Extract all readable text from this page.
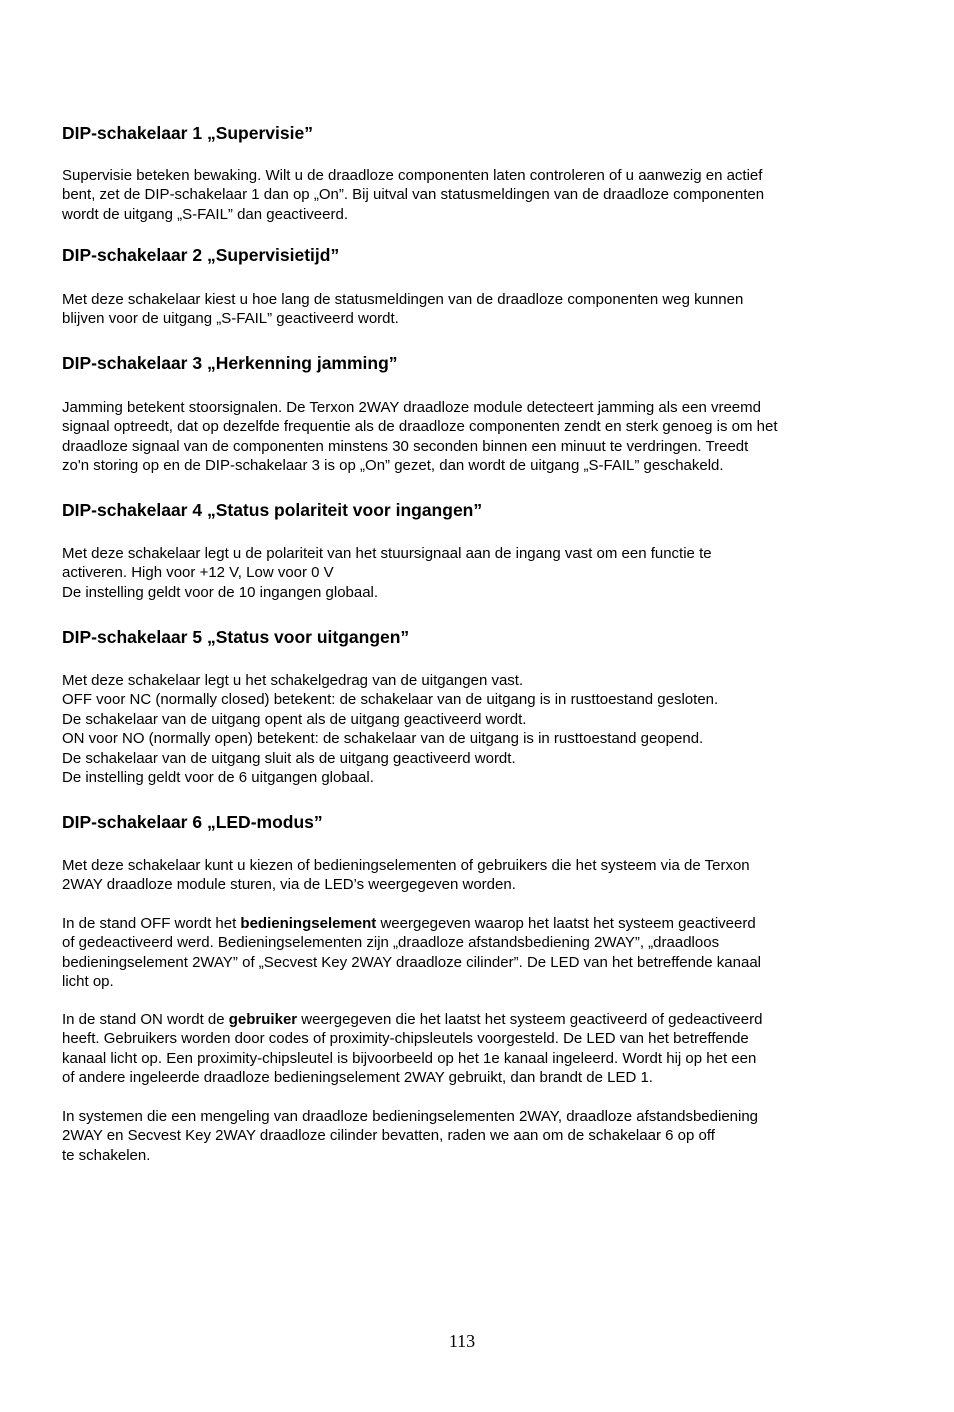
DIP-schakelaar 1 „Supervisie”

Supervisie beteken bewaking. Wilt u de draadloze componenten laten controleren of u aanwezig en actief
bent, zet de DIP-schakelaar 1 dan op „On”. Bij uitval van statusmeldingen van de draadloze componenten
wordt de uitgang „S-FAIL” dan geactiveerd.

DIP-schakelaar 2 „Supervisietijd”

Met deze schakelaar kiest u hoe lang de statusmeldingen van de draadloze componenten weg kunnen
blijven voor de uitgang „S-FAIL” geactiveerd wordt.

DIP-schakelaar 3 „Herkenning jamming”

Jamming betekent stoorsignalen. De Terxon 2WAY draadloze module detecteert jamming als een vreemd
signaal optreedt, dat op dezelfde frequentie als de draadloze componenten zendt en sterk genoeg is om het
draadloze signaal van de componenten minstens 30 seconden binnen een minuut te verdringen. Treedt
zo'n storing op en de DIP-schakelaar 3 is op „On” gezet, dan wordt de uitgang „S-FAIL” geschakeld.

DIP-schakelaar 4 „Status polariteit voor ingangen”

Met deze schakelaar legt u de polariteit van het stuursignaal aan de ingang vast om een functie te
activeren. High voor +12 V, Low voor 0 V
De instelling geldt voor de 10 ingangen globaal.

DIP-schakelaar 5 „Status voor uitgangen”

Met deze schakelaar legt u het schakelgedrag van de uitgangen vast.
OFF voor NC (normally closed) betekent: de schakelaar van de uitgang is in rusttoestand gesloten.
De schakelaar van de uitgang opent als de uitgang geactiveerd wordt.
ON voor NO (normally open) betekent: de schakelaar van de uitgang is in rusttoestand geopend.
De schakelaar van de uitgang sluit als de uitgang geactiveerd wordt.
De instelling geldt voor de 6 uitgangen globaal.

DIP-schakelaar 6 „LED-modus”

Met deze schakelaar kunt u kiezen of bedieningselementen of gebruikers die het systeem via de Terxon
2WAY draadloze module sturen, via de LED’s weergegeven worden.

In de stand OFF wordt het bedieningselement weergegeven waarop het laatst het systeem geactiveerd
of gedeactiveerd werd. Bedieningselementen zijn „draadloze afstandsbediening 2WAY”, „draadloos
bedieningselement 2WAY” of „Secvest Key 2WAY draadloze cilinder”. De LED van het betreffende kanaal
licht op.

In de stand ON wordt de gebruiker weergegeven die het laatst het systeem geactiveerd of gedeactiveerd
heeft. Gebruikers worden door codes of proximity-chipsleutels voorgesteld. De LED van het betreffende
kanaal licht op. Een proximity-chipsleutel is bijvoorbeeld op het 1e kanaal ingeleerd. Wordt hij op het een
of andere ingeleerde draadloze bedieningselement 2WAY gebruikt, dan brandt de LED 1.

In systemen die een mengeling van draadloze bedieningselementen 2WAY, draadloze afstandsbediening
2WAY en Secvest Key 2WAY draadloze cilinder bevatten, raden we aan om de schakelaar 6 op off
te schakelen.

113
